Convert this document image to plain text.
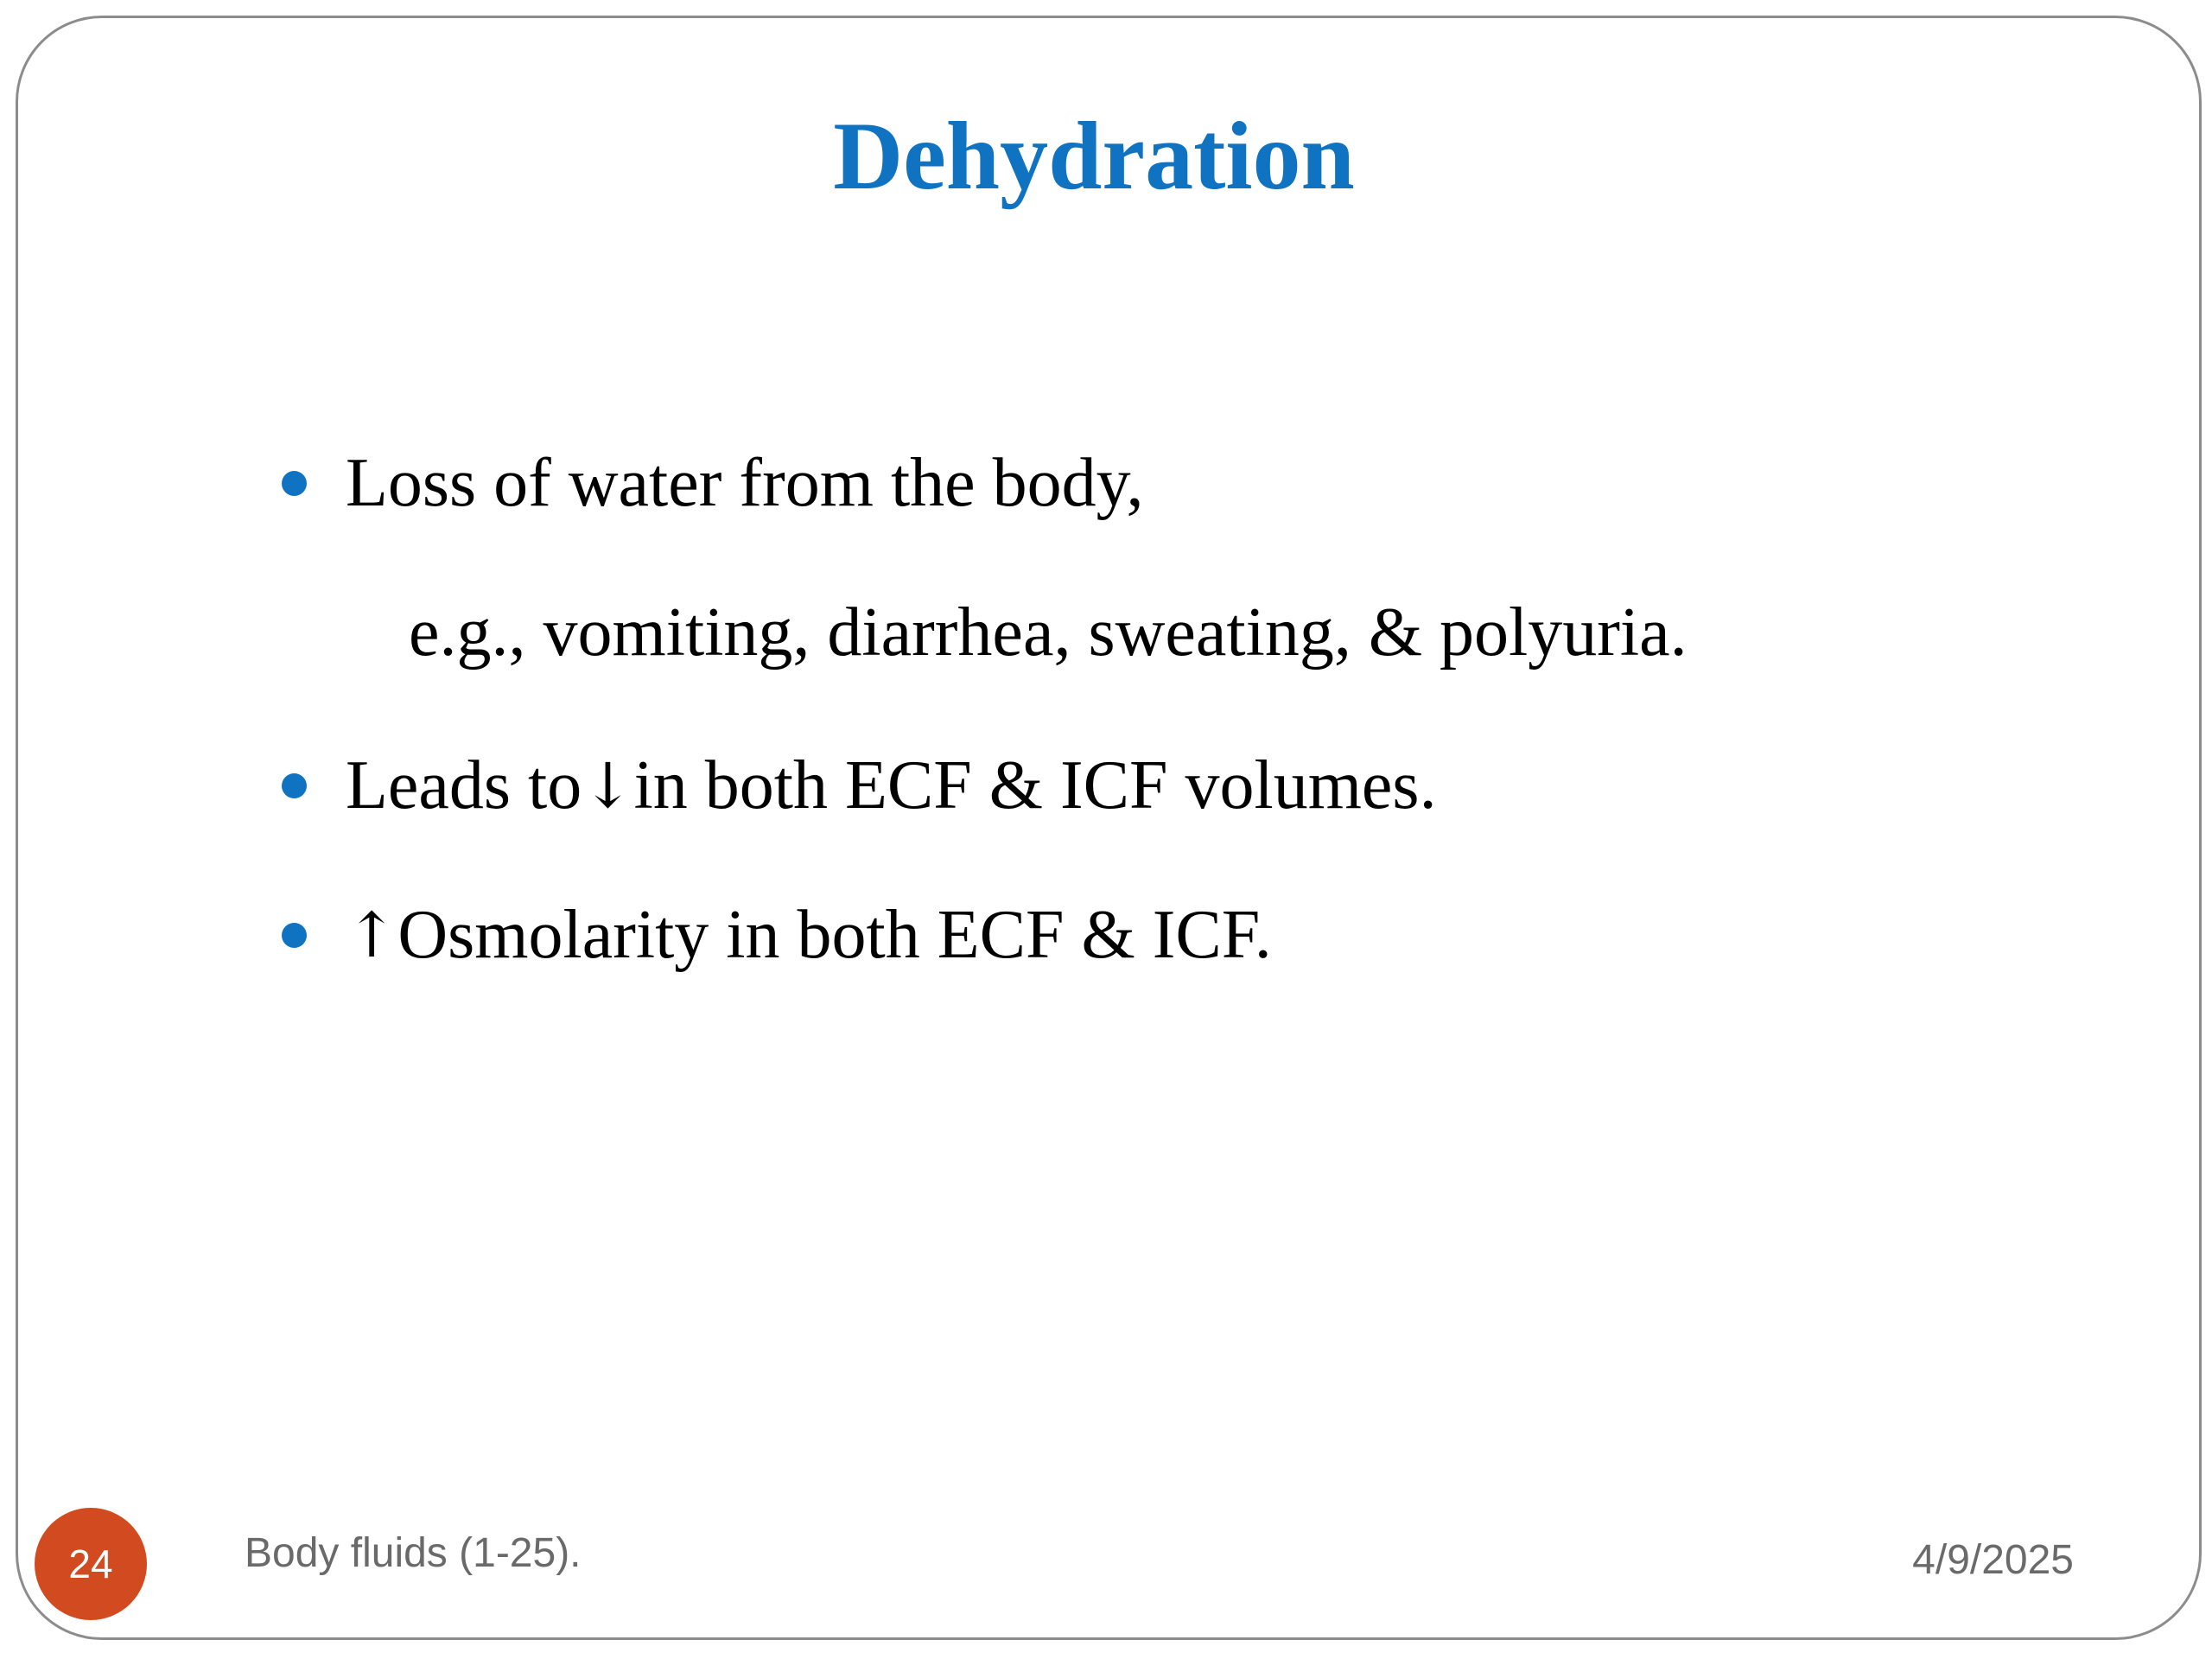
Dehydration
Loss of water from the body,
e.g., vomiting, diarrhea, sweating, & polyuria.
Leads to ↓ in both ECF & ICF volumes.
↑ Osmolarity in both ECF & ICF.
24	Body fluids (1-25).	4/9/2025
